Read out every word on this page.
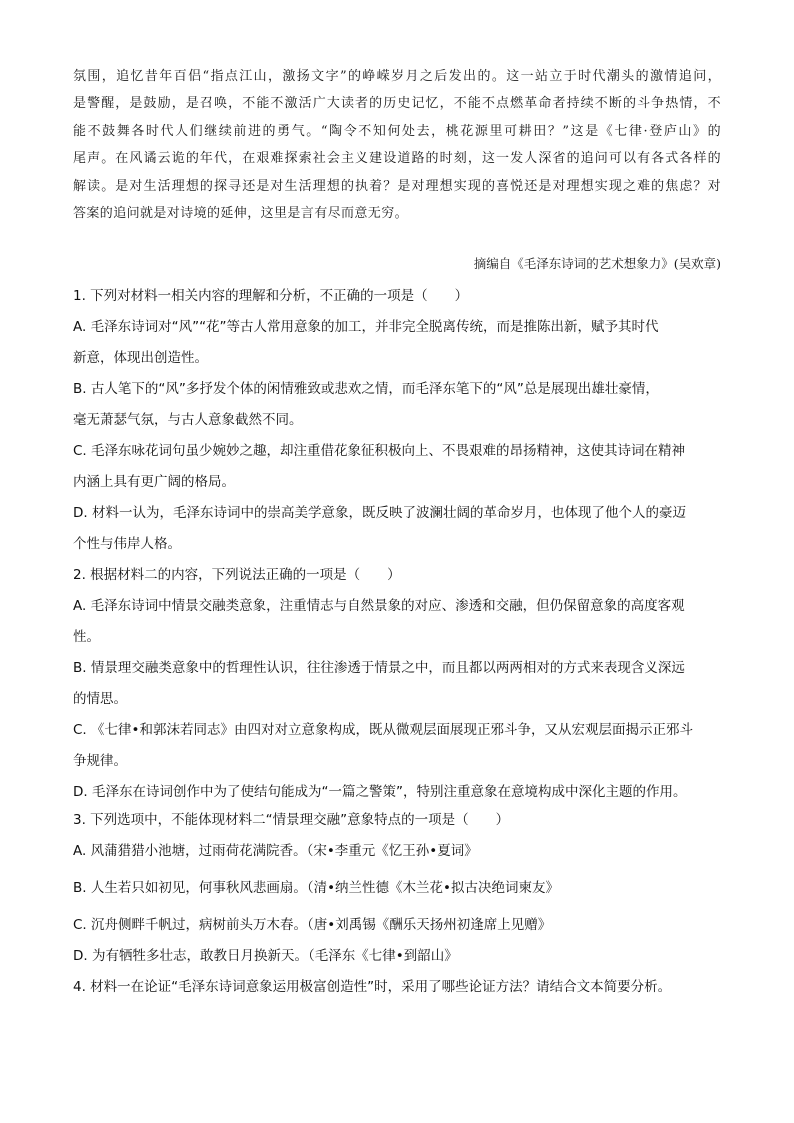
氛围，追忆昔年百侣“指点江山，激扬文字”的峥嵘岁月之后发出的。这一站立于时代潮头的激情追问，
是警醒，是鼓励，是召唤，不能不激活广大读者的历史记忆，不能不点燃革命者持续不断的斗争热情，不
能不鼓舞各时代人们继续前进的勇气。“陶令不知何处去，桃花源里可耕田？”这是《七律·登庐山》的
尾声。在风谲云诡的年代，在艰难探索社会主义建设道路的时刻，这一发人深省的追问可以有各式各样的
解读。是对生活理想的探寻还是对生活理想的执着？是对理想实现的喜悦还是对理想实现之难的焦虑？对
答案的追问就是对诗境的延伸，这里是言有尽而意无穷。
摘编自《毛泽东诗词的艺术想象力》(吴欢章)
1. 下列对材料一相关内容的理解和分析，不正确的一项是（　　）
A. 毛泽东诗词对“风”“花”等古人常用意象的加工，并非完全脱离传统，而是推陈出新，赋予其时代
新意，体现出创造性。
B. 古人笔下的“风”多抒发个体的闲情雅致或悲欢之情，而毛泽东笔下的“风”总是展现出雄壮豪情，
毫无萧瑟气氛，与古人意象截然不同。
C. 毛泽东咏花词句虽少婉妙之趣，却注重借花象征积极向上、不畏艰难的昂扬精神，这使其诗词在精神
内涵上具有更广阔的格局。
D. 材料一认为，毛泽东诗词中的崇高美学意象，既反映了波澜壮阔的革命岁月，也体现了他个人的豪迈
个性与伟岸人格。
2. 根据材料二的内容，下列说法正确的一项是（　　）
A. 毛泽东诗词中情景交融类意象，注重情志与自然景象的对应、渗透和交融，但仍保留意象的高度客观
性。
B. 情景理交融类意象中的哲理性认识，往往渗透于情景之中，而且都以两两相对的方式来表现含义深远
的情思。
C. 《七律•和郭沫若同志》由四对对立意象构成，既从微观层面展现正邪斗争，又从宏观层面揭示正邪斗
争规律。
D. 毛泽东在诗词创作中为了使结句能成为“一篇之警策”，特别注重意象在意境构成中深化主题的作用。
3. 下列选项中，不能体现材料二“情景理交融”意象特点的一项是（　　）
A. 风蒲猎猎小池塘，过雨荷花满院香。（宋•李重元《忆王孙•夏词》
B. 人生若只如初见，何事秋风悲画扇。（清•纳兰性德《木兰花•拟古决绝词柬友》
C. 沉舟侧畔千帆过，病树前头万木春。（唐•刘禹锡《酬乐天扬州初逢席上见赠》
D. 为有牺牲多壮志，敢教日月换新天。（毛泽东《七律•到韶山》
4. 材料一在论证“毛泽东诗词意象运用极富创造性”时，采用了哪些论证方法？请结合文本简要分析。
